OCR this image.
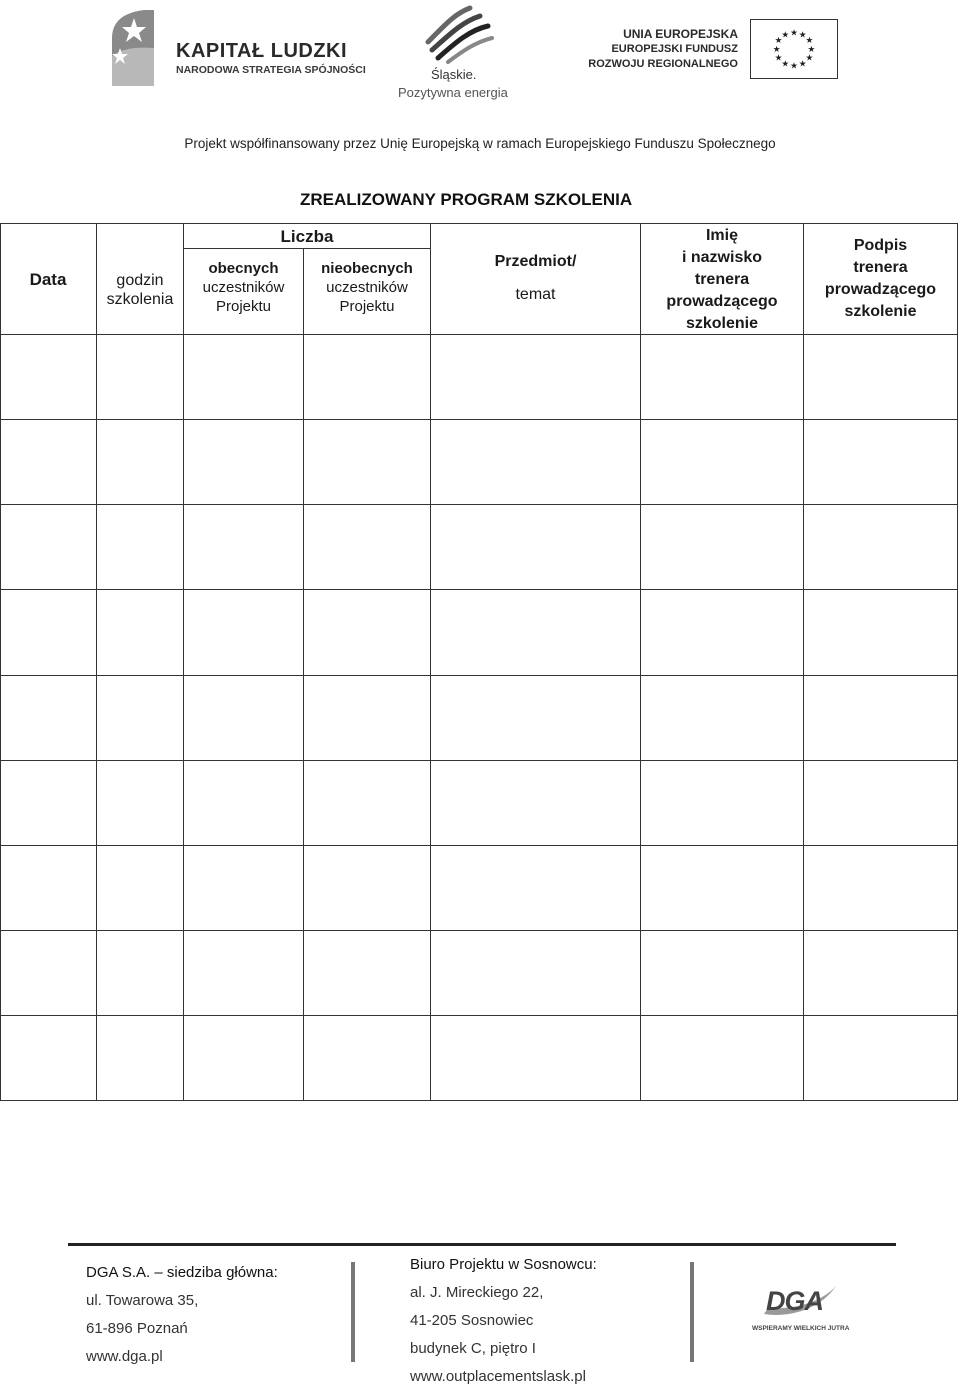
KAPITAŁ LUDZKI
NARODOWA STRATEGIA SPÓJNOŚCI	Śląskie.
Pozytywna energia
UNIA EUROPEJSKA
EUROPEJSKI FUNDUSZ
ROZWOJU REGIONALNEGO
★ ★
★
★
★
★
★
★
★
★
★
★
Projekt współfinansowany przez Unię Europejską w ramach Europejskiego Funduszu Społecznego
ZREALIZOWANY PROGRAM SZKOLENIA
Data	godzin
szkolenia
Liczba
obecnych
uczestników
Projektu
nieobecnych
uczestników
Projektu
Przedmiot/
temat
Imię
i nazwisko
trenera
prowadzącego
szkolenie
Podpis
trenera
prowadzącego
szkolenie
DGA S.A. – siedziba główna:
ul. Towarowa 35,
61-896 Poznań
www.dga.pl
Biuro Projektu w Sosnowcu:
al. J. Mireckiego 22,
41-205 Sosnowiec
budynek C, piętro I
www.outplacementslask.pl
DGA
WSPIERAMY WIELKICH JUTRA
